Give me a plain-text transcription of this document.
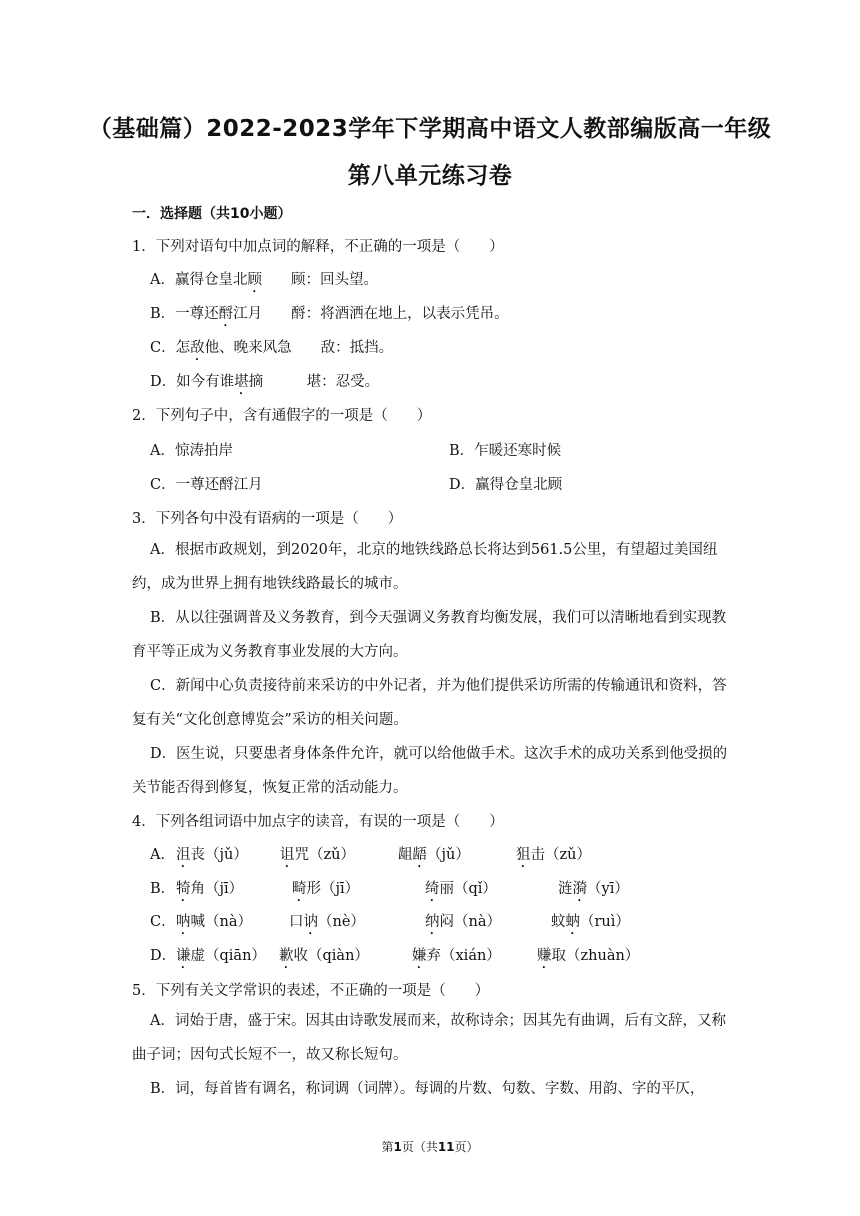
（基础篇）2022-2023学年下学期高中语文人教部编版高一年级
第八单元练习卷
一．选择题（共10小题）
1．下列对语句中加点词的解释，不正确的一项是（　　）
A．赢得仓皇北顾　　顾：回头望。
B．一尊还酹江月　　酹：将酒洒在地上，以表示凭吊。
C．怎敌他、晚来风急　　敌：抵挡。
D．如今有谁堪摘　　　堪：忍受。
2．下列句子中，含有通假字的一项是（　　）
A．惊涛拍岸	B．乍暖还寒时候
C．一尊还酹江月	D．赢得仓皇北顾
3．下列各句中没有语病的一项是（　　）
A．根据市政规划，到2020年，北京的地铁线路总长将达到561.5公里，有望超过美国纽约，成为世界上拥有地铁线路最长的城市。
B．从以往强调普及义务教育，到今天强调义务教育均衡发展，我们可以清晰地看到实现教育平等正成为义务教育事业发展的大方向。
C．新闻中心负责接待前来采访的中外记者，并为他们提供采访所需的传输通讯和资料，答复有关“文化创意博览会”采访的相关问题。
D．医生说，只要患者身体条件允许，就可以给他做手术。这次手术的成功关系到他受损的关节能否得到修复，恢复正常的活动能力。
4．下列各组词语中加点字的读音，有误的一项是（　　）
A． 沮丧（jǔ） 诅咒（zǔ）	龃龉（jǔ）	狙击（zǔ）
B． 犄角（jī）	畸形（jī）	绮丽（qǐ）	涟漪（yī）
C． 呐喊（nà）	口讷（nè）	纳闷（nà）	蚊蚋（ruì）
D． 谦虚（qiān） 歉收（qiàn）	嫌弃（xián） 赚取（zhuàn）
5．下列有关文学常识的表述，不正确的一项是（　　）
A．词始于唐，盛于宋。因其由诗歌发展而来，故称诗余；因其先有曲调，后有文辞，又称曲子词；因句式长短不一，故又称长短句。
B．词，每首皆有调名，称词调（词牌）。每调的片数、句数、字数、用韵、字的平仄，
第1页（共11页）
